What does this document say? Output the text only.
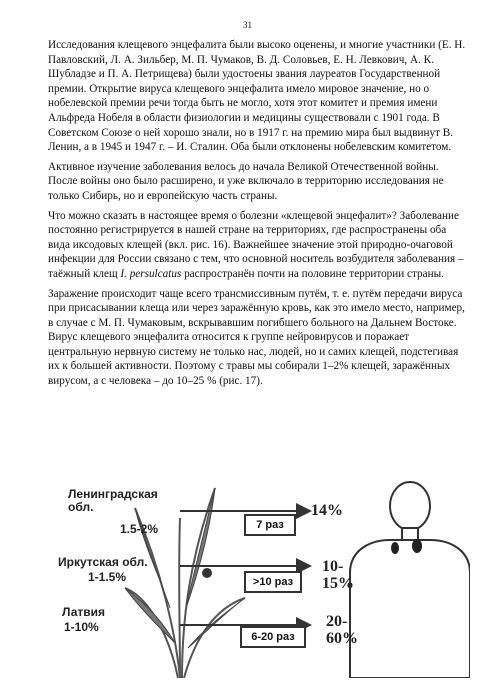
31

Исследования клещевого энцефалита были высоко оценены, и многие участники (Е. Н. Павловский, Л. А. Зильбер, М. П. Чумаков, В. Д. Соловьев, Е. Н. Левкович, А. К. Шубладзе и П. А. Петрищева) были удостоены звания лауреатов Государственной премии. Открытие вируса клещевого энцефалита имело мировое значение, но о нобелевской премии речи тогда быть не могло, хотя этот комитет и премия имени Альфреда Нобеля в области физиологии и медицины существовали с 1901 года. В Советском Союзе о ней хорошо знали, но в 1917 г. на премию мира был выдвинут В. Ленин, а в 1945 и 1947 г. – И. Сталин. Оба были отклонены нобелевским комитетом.

Активное изучение заболевания велось до начала Великой Отечественной войны. После войны оно было расширено, и уже включало в территорию исследования не только Сибирь, но и европейскую часть страны.

Что можно сказать в настоящее время о болезни «клещевой энцефалит»? Заболевание постоянно регистрируется в нашей стране на территориях, где распространены оба вида иксодовых клещей (вкл. рис. 16). Важнейшее значение этой природно-очаговой инфекции для России связано с тем, что основной носитель возбудителя заболевания – таёжный клещ I. persulcatus распространён почти на половине территории страны.

Заражение происходит чаще всего трансмиссивным путём, т. е. путём передачи вируса при присасывании клеща или через заражённую кровь, как это имело место, например, в случае с М. П. Чумаковым, вскрывавшим погибшего больного на Дальнем Востоке. Вирус клещевого энцефалита относится к группе нейровирусов и поражает центральную нервную систему не только нас, людей, но и самих клещей, подстегивая их к большей активности. Поэтому с травы мы собирали 1–2% клещей, заражённых вирусом, а с человека – до 10–25 % (рис. 17).

Ленинградская обл.
1.5-2%
Иркутская обл.
1-1.5%
Латвия
1-10%
7 раз
>10 раз
6-20 раз
14%
10-
15%
20-
60%
